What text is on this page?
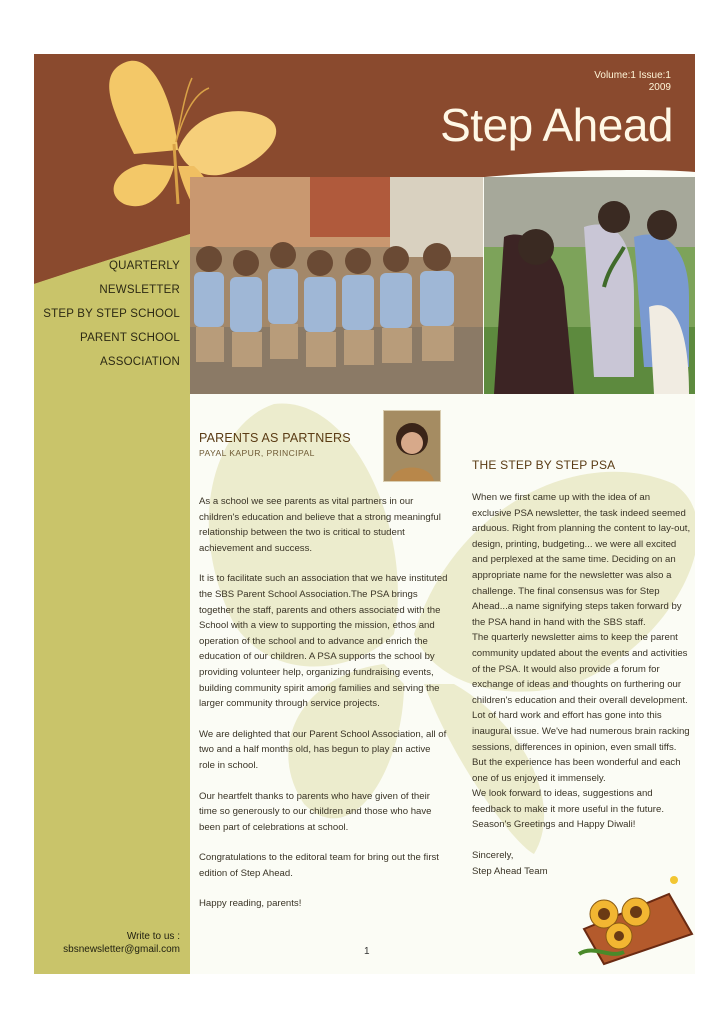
Volume:1 Issue:1
2009
Step Ahead
QUARTERLY
NEWSLETTER
STEP BY STEP SCHOOL
PARENT SCHOOL
ASSOCIATION
Write to us :
sbsnewsletter@gmail.com
PARENTS AS PARTNERS
PAYAL KAPUR, PRINCIPAL

As a school we see parents as vital partners in our children's education and believe that a strong meaningful relationship between the two is critical to student achievement and success.

It is to facilitate such an association that we have instituted the SBS Parent School Association.The PSA brings together the staff, parents and others associated with the School with a view to supporting the mission, ethos and operation of the school and to advance and enrich the education of our children. A PSA supports the school by providing volunteer help, organizing fundraising events, building community spirit among families and serving the larger community through service projects.

We are delighted that our Parent School Association, all of two and a half months old, has begun to play an active role in school.

Our heartfelt thanks to parents who have given of their time so generously to our children and those who have been part of celebrations at school.

Congratulations to the editoral team for bring out the first edition of Step Ahead.

Happy reading, parents!

THE STEP BY STEP PSA

When we first came up with the idea of an exclusive PSA newsletter, the task indeed seemed arduous. Right from planning the content to lay-out, design, printing, budgeting... we were all excited and perplexed at the same time. Deciding on an appropriate name for the newsletter was also a challenge. The final consensus was for Step Ahead...a name signifying steps taken forward by the PSA hand in hand with the SBS staff.

The quarterly newsletter aims to keep the parent community updated about the events and activities of the PSA. It would also provide a forum for exchange of ideas and thoughts on furthering our children's education and their overall development.

Lot of hard work and effort has gone into this inaugural issue. We've had numerous brain racking sessions, differences in opinion, even small tiffs. But the experience has been wonderful and each one of us enjoyed it immensely.

We look forward to ideas, suggestions and feedback to make it more useful in the future.

Season's Greetings and Happy Diwali!

Sincerely,

Step Ahead Team

1
